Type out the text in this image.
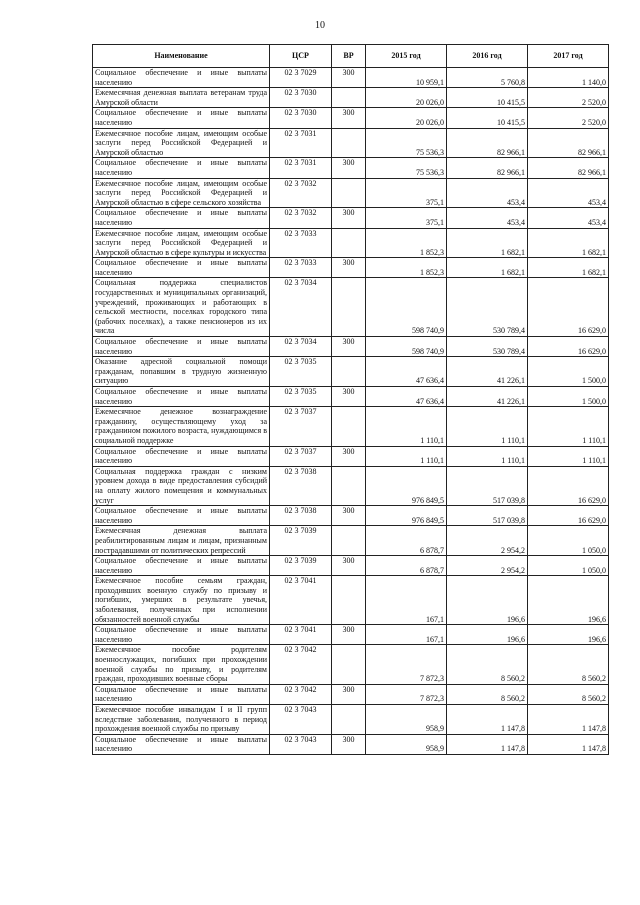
10
Наименование	ЦСР	ВР	2015 год	2016 год	2017 год
Социальное обеспечение и иные выплаты населению	02 3 7029	300	10 959,1	5 760,8	1 140,0
Ежемесячная денежная выплата ветеранам труда Амурской области	02 3 7030		20 026,0	10 415,5	2 520,0
Социальное обеспечение и иные выплаты населению	02 3 7030	300	20 026,0	10 415,5	2 520,0
Ежемесячное пособие лицам, имеющим особые заслуги перед Российской Федерацией и Амурской областью	02 3 7031		75 536,3	82 966,1	82 966,1
Социальное обеспечение и иные выплаты населению	02 3 7031	300	75 536,3	82 966,1	82 966,1
Ежемесячное пособие лицам, имеющим особые заслуги перед Российской Федерацией и Амурской областью в сфере сельского хозяйства	02 3 7032		375,1	453,4	453,4
Социальное обеспечение и иные выплаты населению	02 3 7032	300	375,1	453,4	453,4
Ежемесячное пособие лицам, имеющим особые заслуги перед Российской Федерацией и Амурской областью в сфере культуры и искусства	02 3 7033		1 852,3	1 682,1	1 682,1
Социальное обеспечение и иные выплаты населению	02 3 7033	300	1 852,3	1 682,1	1 682,1
Социальная поддержка специалистов государственных и муниципальных организаций, учреждений, проживающих и работающих в сельской местности, поселках городского типа (рабочих поселках), а также пенсионеров из их числа	02 3 7034		598 740,9	530 789,4	16 629,0
Социальное обеспечение и иные выплаты населению	02 3 7034	300	598 740,9	530 789,4	16 629,0
Оказание адресной социальной помощи гражданам, попавшим в трудную жизненную ситуацию	02 3 7035		47 636,4	41 226,1	1 500,0
Социальное обеспечение и иные выплаты населению	02 3 7035	300	47 636,4	41 226,1	1 500,0
Ежемесячное денежное вознаграждение гражданину, осуществляющему уход за гражданином пожилого возраста, нуждающимся в социальной поддержке	02 3 7037		1 110,1	1 110,1	1 110,1
Социальное обеспечение и иные выплаты населению	02 3 7037	300	1 110,1	1 110,1	1 110,1
Социальная поддержка граждан с низким уровнем дохода в виде предоставления субсидий на оплату жилого помещения и коммунальных услуг	02 3 7038		976 849,5	517 039,8	16 629,0
Социальное обеспечение и иные выплаты населению	02 3 7038	300	976 849,5	517 039,8	16 629,0
Ежемесячная денежная выплата реабилитированным лицам и лицам, признанным пострадавшими от политических репрессий	02 3 7039		6 878,7	2 954,2	1 050,0
Социальное обеспечение и иные выплаты населению	02 3 7039	300	6 878,7	2 954,2	1 050,0
Ежемесячное пособие семьям граждан, проходивших военную службу по призыву и погибших, умерших в результате увечья, заболевания, полученных при исполнении обязанностей военной службы	02 3 7041		167,1	196,6	196,6
Социальное обеспечение и иные выплаты населению	02 3 7041	300	167,1	196,6	196,6
Ежемесячное пособие родителям военнослужащих, погибших при прохождении военной службы по призыву, и родителям граждан, проходивших военные сборы	02 3 7042		7 872,3	8 560,2	8 560,2
Социальное обеспечение и иные выплаты населению	02 3 7042	300	7 872,3	8 560,2	8 560,2
Ежемесячное пособие инвалидам I и II групп вследствие заболевания, полученного в период прохождения военной службы по призыву	02 3 7043		958,9	1 147,8	1 147,8
Социальное обеспечение и иные выплаты населению	02 3 7043	300	958,9	1 147,8	1 147,8
